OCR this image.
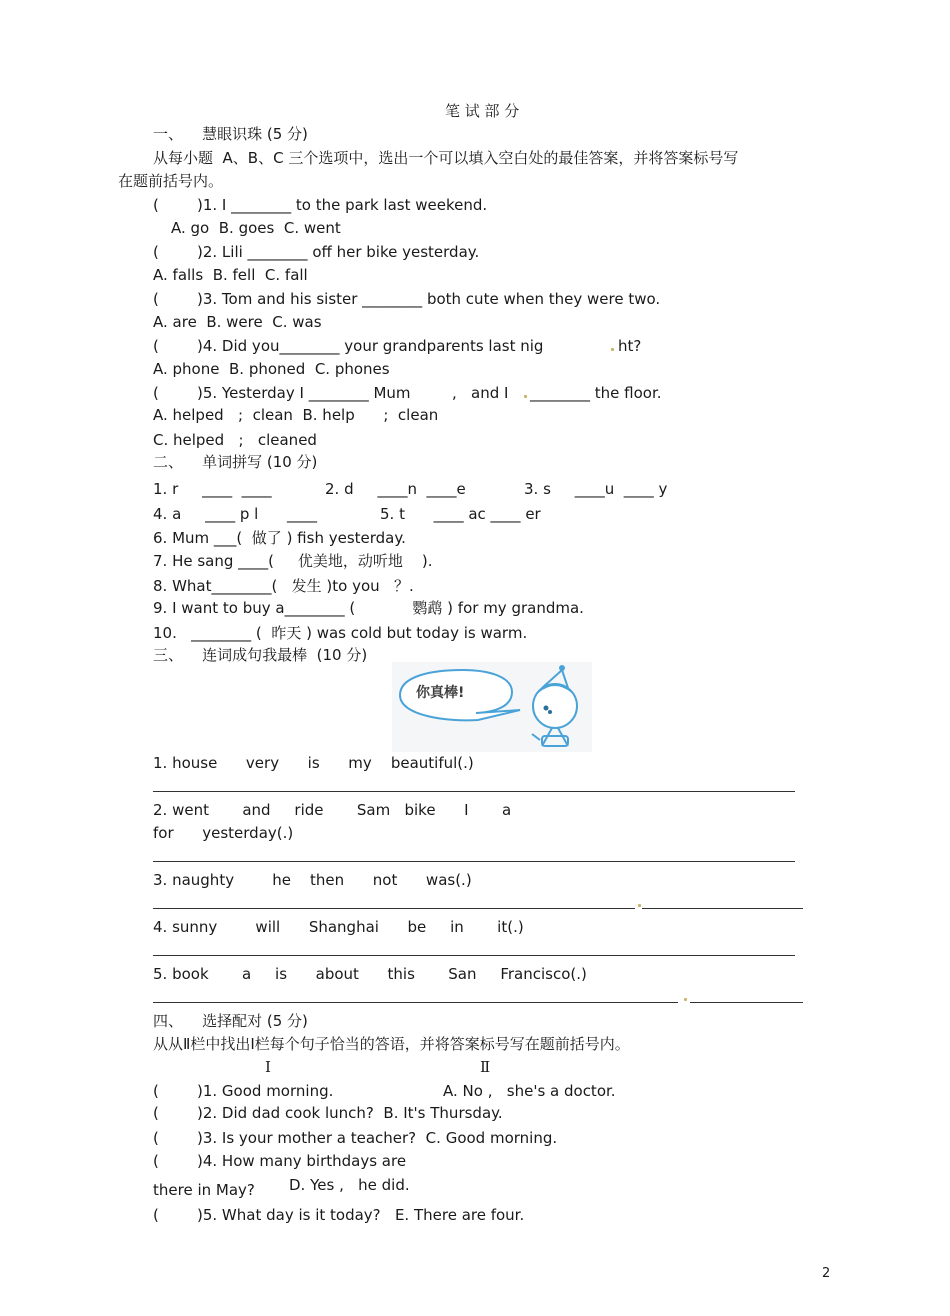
笔 试 部 分
一、    慧眼识珠 (5 分)
从每小题  A、B、C 三个选项中，选出一个可以填入空白处的最佳答案，并将答案标号写
在题前括号内。
(        )1. I ________ to the park last weekend.
A. go  B. goes  C. went
(        )2. Lili ________ off her bike yesterday.
A. falls  B. fell  C. fall
(        )3. Tom and his sister ________ both cute when they were two.
A. are  B. were  C. was
(        )4. Did you________ your grandparents last nig	ht?
A. phone  B. phoned  C. phones
(        )5. Yesterday I ________ Mum	, and I ________ the floor.
A. helped   ;  clean  B. help      ;  clean
C. helped   ;   cleaned
二、    单词拼写 (10 分)
1. r     ____  ____	2. d     ____n  ____e	3. s     ____u  ____ y
4. a     ____ p l      ____	5. t      ____ ac ____ er
6. Mum ___(  做了 ) fish yesterday.
7. He sang ____(     优美地，动听地    ).
8. What________(   发生 )to you   ？.
9. I want to buy a________ (            鹦鹉 ) for my grandma.
10.   ________ (  昨天 ) was cold but today is warm.
三、    连词成句我最棒  (10 分)
你真棒!
1. house      very      is      my    beautiful(.)
2. went       and     ride       Sam   bike      I       a
for      yesterday(.)
3. naughty        he    then      not      was(.)
4. sunny        will      Shanghai      be     in       it(.)
5. book       a     is      about      this       San     Francisco(.)
四、    选择配对 (5 分)
从从Ⅱ栏中找出Ⅰ栏每个句子恰当的答语，并将答案标号写在题前括号内。
Ⅰ	Ⅱ
(        )1. Good morning.	A. No ,   she's a doctor.
(        )2. Did dad cook lunch?  B. It's Thursday.
(        )3. Is your mother a teacher?  C. Good morning.
(        )4. How many birthdays are
there in May? D. Yes ,   he did.
(        )5. What day is it today?   E. There are four.
2
